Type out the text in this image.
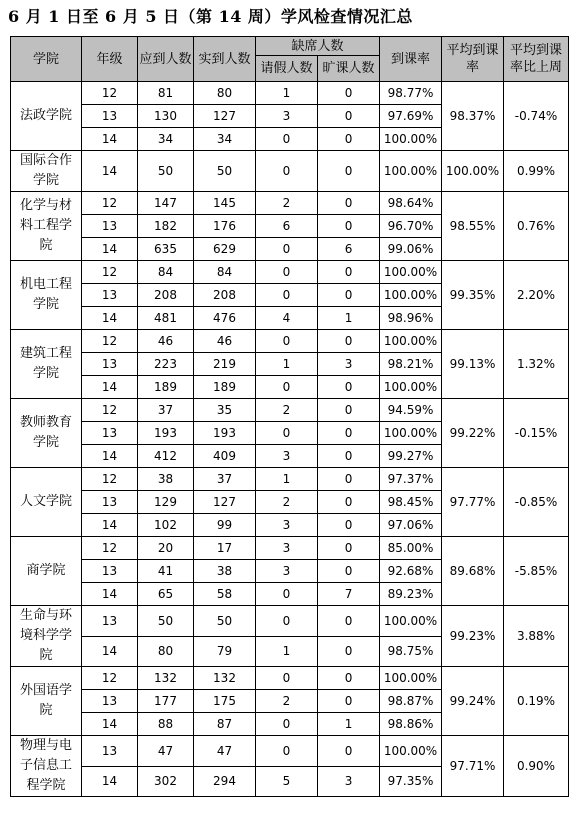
6 月 1 日至 6 月 5 日（第 14 周）学风检查情况汇总
学院	年级	应到人数	实到人数	缺席人数		到课率	平均到课率	平均到课率比上周
				请假人数	旷课人数			

法政学院	12	81	80	1	0	98.77%	98.37%	-0.74%
	13	130	127	3	0	97.69%		
	14	34	34	0	0	100.00%		

国际合作
学院	14	50	50	0	0	100.00%	100.00%	0.99%

化学与材
料工程学
院	12	147	145	2	0	98.64%	98.55%	0.76%
	13	182	176	6	0	96.70%		
	14	635	629	0	6	99.06%		

机电工程
学院	12	84	84	0	0	100.00%	99.35%	2.20%
	13	208	208	0	0	100.00%		
	14	481	476	4	1	98.96%		

建筑工程
学院	12	46	46	0	0	100.00%	99.13%	1.32%
	13	223	219	1	3	98.21%		
	14	189	189	0	0	100.00%		

教师教育
学院	12	37	35	2	0	94.59%	99.22%	-0.15%
	13	193	193	0	0	100.00%		
	14	412	409	3	0	99.27%		

人文学院	12	38	37	1	0	97.37%	97.77%	-0.85%
	13	129	127	2	0	98.45%		
	14	102	99	3	0	97.06%		

商学院	12	20	17	3	0	85.00%	89.68%	-5.85%
	13	41	38	3	0	92.68%		
	14	65	58	0	7	89.23%		

生命与环
境科学学
院	13	50	50	0	0	100.00%	99.23%	3.88%
	14	80	79	1	0	98.75%		

外国语学
院	12	132	132	0	0	100.00%	99.24%	0.19%
	13	177	175	2	0	98.87%		
	14	88	87	0	1	98.86%		

物理与电
子信息工
程学院	13	47	47	0	0	100.00%	97.71%	0.90%
	14	302	294	5	3	97.35%		
